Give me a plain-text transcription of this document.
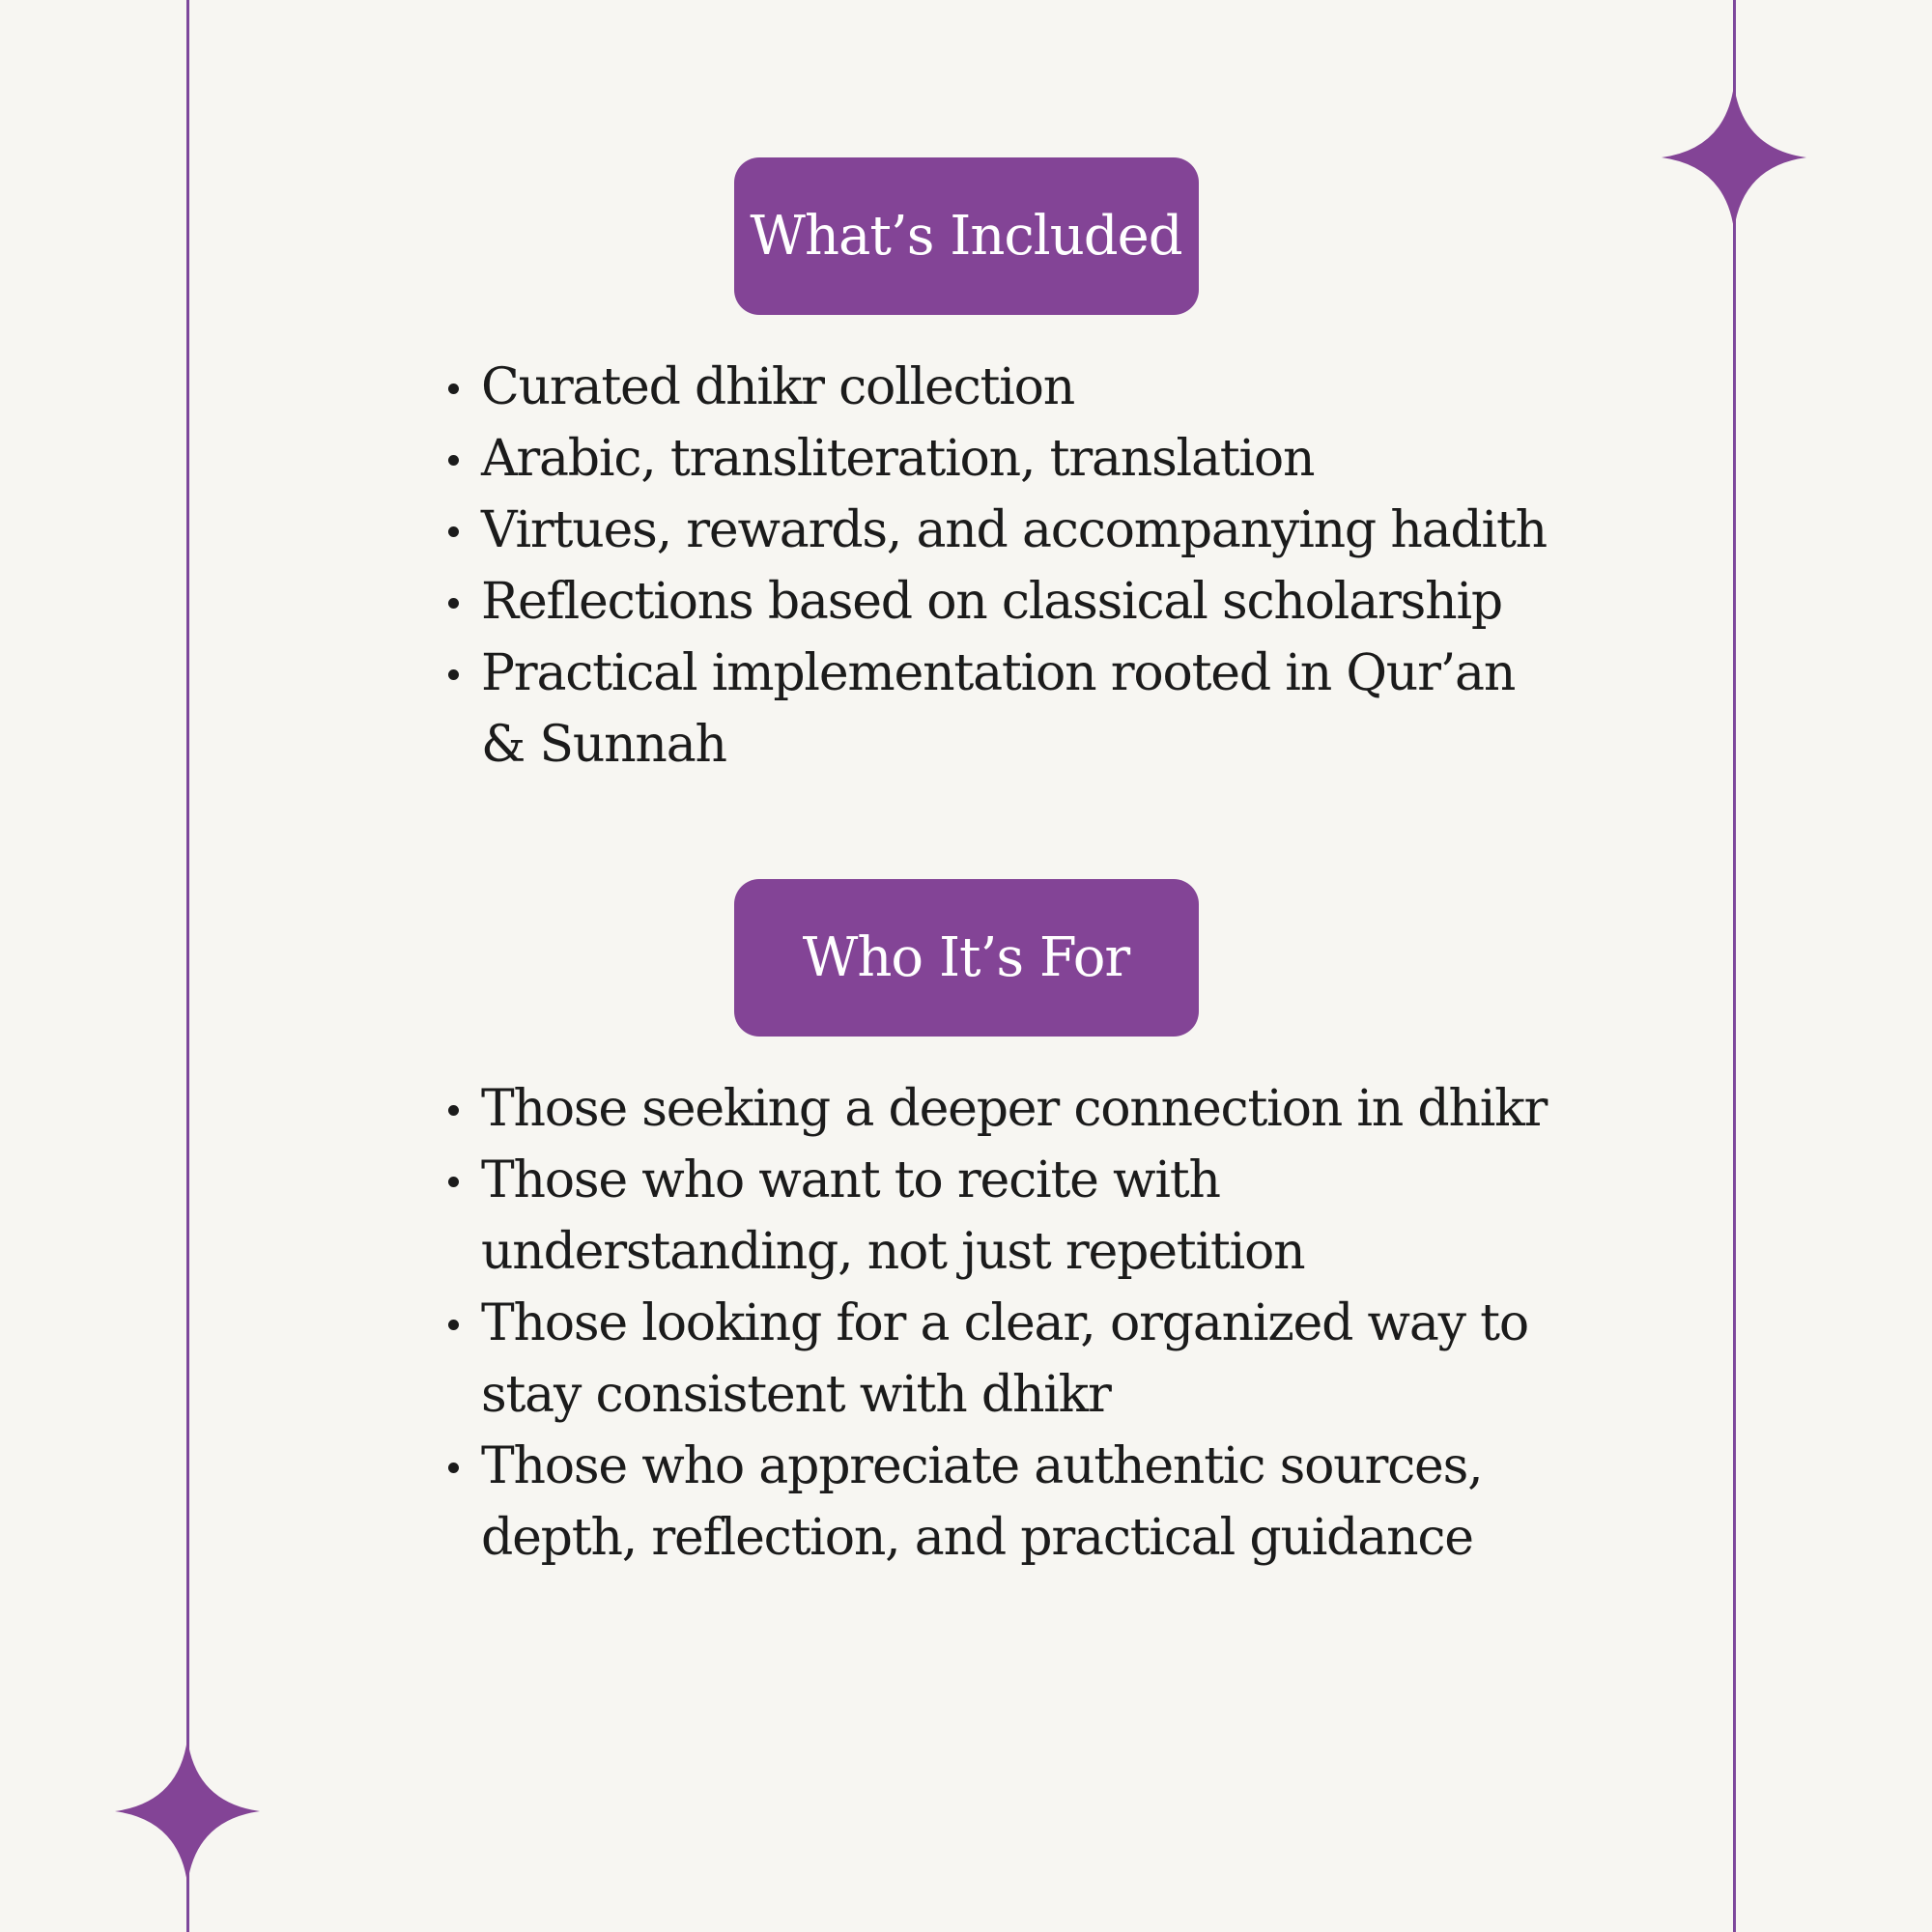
What’s Included
Curated dhikr collection
Arabic, transliteration, translation
Virtues, rewards, and accompanying hadith
Reflections based on classical scholarship
Practical implementation rooted in Qur’an & Sunnah
Who It’s For
Those seeking a deeper connection in dhikr
Those who want to recite with understanding, not just repetition
Those looking for a clear, organized way to stay consistent with dhikr
Those who appreciate authentic sources, depth, reflection, and practical guidance
